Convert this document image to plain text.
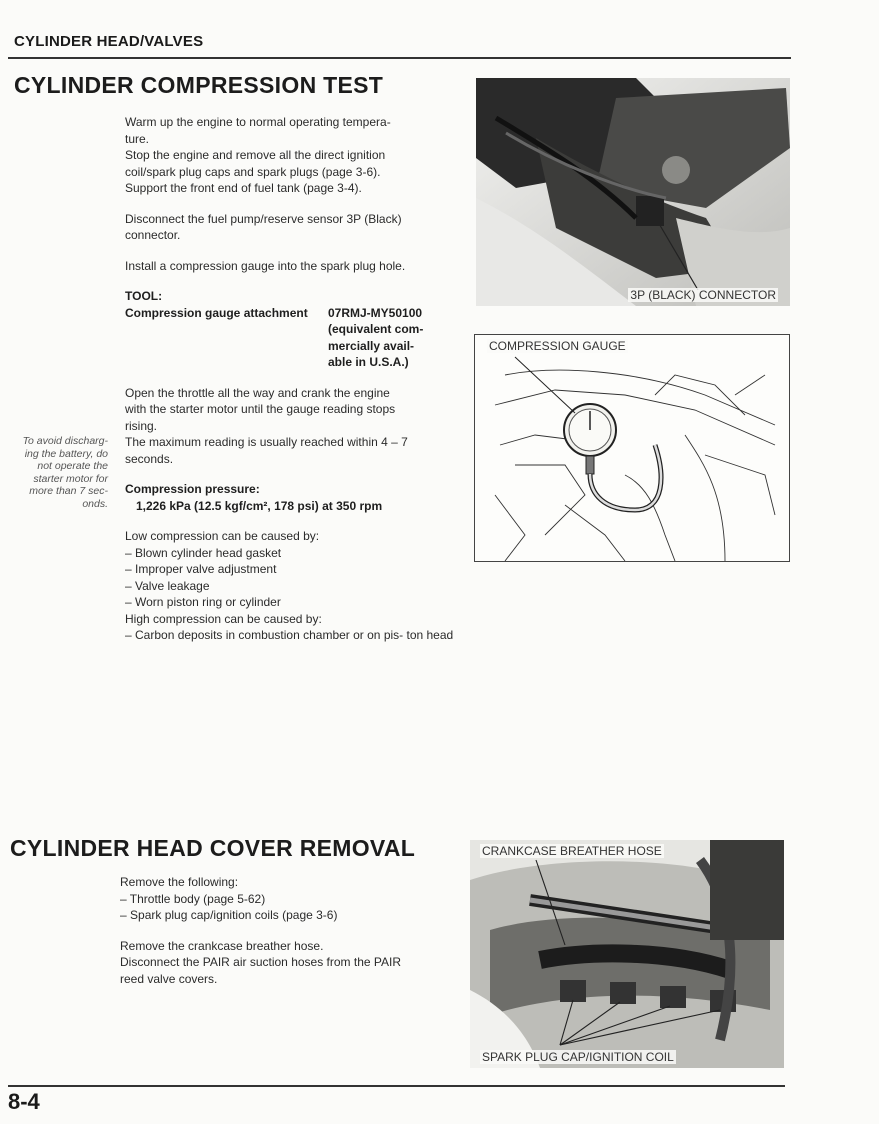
CYLINDER HEAD/VALVES
CYLINDER COMPRESSION TEST

Warm up the engine to normal operating tempera-
ture.

Stop the engine and remove all the direct ignition
coil/spark plug caps and spark plugs (page 3-6).
Support the front end of fuel tank (page 3-4).

Disconnect the fuel pump/reserve sensor 3P (Black)
connector.

Install a compression gauge into the spark plug hole.

TOOL:

Compression gauge attachment	07RMJ-MY50100
(equivalent com-
mercially avail-
able in U.S.A.)

Open the throttle all the way and crank the engine
with the starter motor until the gauge reading stops
rising.
The maximum reading is usually reached within 4 – 7
seconds.

Compression pressure:

1,226 kPa (12.5 kgf/cm², 178 psi) at 350 rpm

Low compression can be caused by:

– Blown cylinder head gasket
– Improper valve adjustment
– Valve leakage
– Worn piston ring or cylinder

High compression can be caused by:

– Carbon deposits in combustion chamber or on pis- ton head
To avoid discharg-
ing the battery, do
not operate the
starter motor for
more than 7 sec-
onds.
3P (BLACK) CONNECTOR
COMPRESSION GAUGE
CYLINDER HEAD COVER REMOVAL

Remove the following:

– Throttle body (page 5-62)
– Spark plug cap/ignition coils (page 3-6)

Remove the crankcase breather hose.

Disconnect the PAIR air suction hoses from the PAIR
reed valve covers.

CRANKCASE BREATHER HOSE
SPARK PLUG CAP/IGNITION COIL
8-4
